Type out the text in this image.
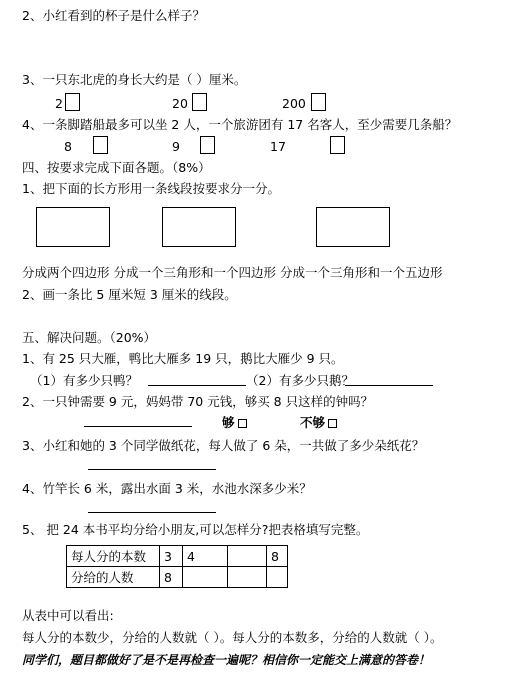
2、小红看到的杯子是什么样子？
3、一只东北虎的身长大约是（ ）厘米。
2	20	200
4、一条脚踏船最多可以坐 2 人，一个旅游团有 17 名客人，至少需要几条船？
8	9	17
四、按要求完成下面各题。（8%）
1、把下面的长方形用一条线段按要求分一分。
分成两个四边形 分成一个三角形和一个四边形 分成一个三角形和一个五边形
2、画一条比 5 厘米短 3 厘米的线段。
五、解决问题。（20%）
1、有 25 只大雁，鸭比大雁多 19 只，鹅比大雁少 9 只。
（1）有多少只鸭？	（2）有多少只鹅？
2、一只钟需要 9 元，妈妈带 70 元钱，够买 8 只这样的钟吗？
够	不够
3、小红和她的 3 个同学做纸花，每人做了 6 朵，一共做了多少朵纸花？
4、竹竿长 6 米，露出水面 3 米，水池水深多少米？
5、 把 24 本书平均分给小朋友,可以怎样分?把表格填写完整。
每人分的本数	3	4		8
分给的人数	8			
从表中可以看出:
每人分的本数少，分给的人数就（ ）。每人分的本数多，分给的人数就（ ）。
同学们，题目都做好了是不是再检查一遍呢？相信你一定能交上满意的答卷！
